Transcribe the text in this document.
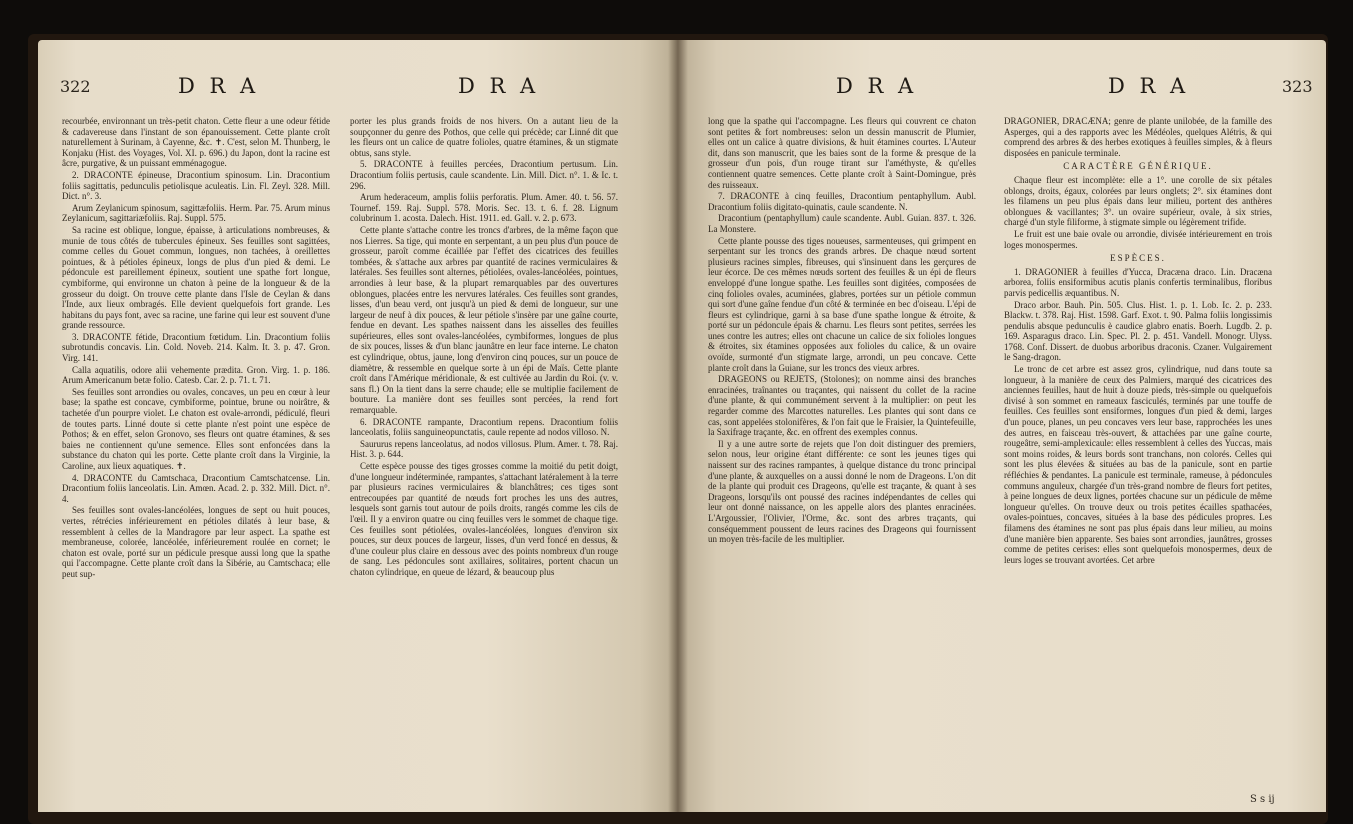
322	D R A	D R A

recourbée, environnant un très-petit chaton. Cette fleur a une odeur fétide & cadavereuse dans l'instant de son épanouissement. Cette plante croît naturellement à Surinam, à Cayenne, &c. ✝. C'est, selon M. Thunberg, le Konjaku (Hist. des Voyages, Vol. XI. p. 696.) du Japon, dont la racine est âcre, purgative, & un puissant emménagogue.

2. DRACONTE épineuse, Dracontium spinosum. Lin. Dracontium foliis sagittatis, pedunculis petiolisque aculeatis. Lin. Fl. Zeyl. 328. Mill. Dict. n°. 3.

Arum Zeylanicum spinosum, sagittæfoliis. Herm. Par. 75. Arum minus Zeylanicum, sagittariæfoliis. Raj. Suppl. 575.

Sa racine est oblique, longue, épaisse, à articulations nombreuses, & munie de tous côtés de tubercules épineux. Ses feuilles sont sagittées, comme celles du Gouet commun, longues, non tachées, à oreillettes pointues, & à pétioles épineux, longs de plus d'un pied & demi. Le pédoncule est pareillement épineux, soutient une spathe fort longue, cymbiforme, qui environne un chaton à peine de la longueur & de la grosseur du doigt. On trouve cette plante dans l'Isle de Ceylan & dans l'Inde, aux lieux ombragés. Elle devient quelquefois fort grande. Les habitans du pays font, avec sa racine, une farine qui leur est souvent d'une grande ressource.

3. DRACONTE fétide, Dracontium fœtidum. Lin. Dracontium foliis subrotundis concavis. Lin. Cold. Noveb. 214. Kalm. It. 3. p. 47. Gron. Virg. 141.

Calla aquatilis, odore alii vehemente prædita. Gron. Virg. 1. p. 186. Arum Americanum betæ folio. Catesb. Car. 2. p. 71. t. 71.

Ses feuilles sont arrondies ou ovales, concaves, un peu en cœur à leur base; la spathe est concave, cymbiforme, pointue, brune ou noirâtre, & tachetée d'un pourpre violet. Le chaton est ovale-arrondi, pédiculé, fleuri de toutes parts. Linné doute si cette plante n'est point une espèce de Pothos; & en effet, selon Gronovo, ses fleurs ont quatre étamines, & ses baies ne contiennent qu'une semence. Elles sont enfoncées dans la substance du chaton qui les porte. Cette plante croît dans la Virginie, la Caroline, aux lieux aquatiques. ✝.

4. DRACONTE du Camtschaca, Dracontium Camtschatcense. Lin. Dracontium foliis lanceolatis. Lin. Amœn. Acad. 2. p. 332. Mill. Dict. n°. 4.

Ses feuilles sont ovales-lancéolées, longues de sept ou huit pouces, vertes, rétrécies inférieurement en pétioles dilatés à leur base, & ressemblent à celles de la Mandragore par leur aspect. La spathe est membraneuse, colorée, lancéolée, inférieurement roulée en cornet; le chaton est ovale, porté sur un pédicule presque aussi long que la spathe qui l'accompagne. Cette plante croît dans la Sibérie, au Camtschaca; elle peut sup-

porter les plus grands froids de nos hivers. On a autant lieu de la soupçonner du genre des Pothos, que celle qui précède; car Linné dit que les fleurs ont un calice de quatre folioles, quatre étamines, & un stigmate obtus, sans style.

5. DRACONTE à feuilles percées, Dracontium pertusum. Lin. Dracontium foliis pertusis, caule scandente. Lin. Mill. Dict. n°. 1. & Ic. t. 296.

Arum hederaceum, amplis foliis perforatis. Plum. Amer. 40. t. 56. 57. Tournef. 159. Raj. Suppl. 578. Moris. Sec. 13. t. 6. f. 28. Lignum colubrinum 1. acosta. Dalech. Hist. 1911. ed. Gall. v. 2. p. 673.

Cette plante s'attache contre les troncs d'arbres, de la même façon que nos Lierres. Sa tige, qui monte en serpentant, a un peu plus d'un pouce de grosseur, paroît comme écaillée par l'effet des cicatrices des feuilles tombées, & s'attache aux arbres par quantité de racines vermiculaires & latérales. Ses feuilles sont alternes, pétiolées, ovales-lancéolées, pointues, arrondies à leur base, & la plupart remarquables par des ouvertures oblongues, placées entre les nervures latérales. Ces feuilles sont grandes, lisses, d'un beau verd, ont jusqu'à un pied & demi de longueur, sur une largeur de neuf à dix pouces, & leur pétiole s'insère par une gaîne courte, fendue en devant. Les spathes naissent dans les aisselles des feuilles supérieures, elles sont ovales-lancéolées, cymbiformes, longues de plus de six pouces, lisses & d'un blanc jaunâtre en leur face interne. Le chaton est cylindrique, obtus, jaune, long d'environ cinq pouces, sur un pouce de diamètre, & ressemble en quelque sorte à un épi de Maïs. Cette plante croît dans l'Amérique méridionale, & est cultivée au Jardin du Roi. (v. v. sans fl.) On la tient dans la serre chaude; elle se multiplie facilement de bouture. La manière dont ses feuilles sont percées, la rend fort remarquable.

6. DRACONTE rampante, Dracontium repens. Dracontium foliis lanceolatis, foliis sanguineopunctatis, caule repente ad nodos villoso. N.

Saururus repens lanceolatus, ad nodos villosus. Plum. Amer. t. 78. Raj. Hist. 3. p. 644.

Cette espèce pousse des tiges grosses comme la moitié du petit doigt, d'une longueur indéterminée, rampantes, s'attachant latéralement à la terre par plusieurs racines vermiculaires & blanchâtres; ces tiges sont entrecoupées par quantité de nœuds fort proches les uns des autres, lesquels sont garnis tout autour de poils droits, rangés comme les cils de l'œil. Il y a environ quatre ou cinq feuilles vers le sommet de chaque tige. Ces feuilles sont pétiolées, ovales-lancéolées, longues d'environ six pouces, sur deux pouces de largeur, lisses, d'un verd foncé en dessus, & d'une couleur plus claire en dessous avec des points nombreux d'un rouge de sang. Les pédoncules sont axillaires, solitaires, portent chacun un chaton cylindrique, en queue de lézard, & beaucoup plus

D R A	D R A	323

long que la spathe qui l'accompagne. Les fleurs qui couvrent ce chaton sont petites & fort nombreuses: selon un dessin manuscrit de Plumier, elles ont un calice à quatre divisions, & huit étamines courtes. L'Auteur dit, dans son manuscrit, que les baies sont de la forme & presque de la grosseur d'un pois, d'un rouge tirant sur l'améthyste, & qu'elles contiennent quatre semences. Cette plante croît à Saint-Domingue, près des ruisseaux.

7. DRACONTE à cinq feuilles, Dracontium pentaphyllum. Aubl. Dracontium foliis digitato-quinatis, caule scandente. N.

Dracontium (pentaphyllum) caule scandente. Aubl. Guian. 837. t. 326. La Monstere.

Cette plante pousse des tiges noueuses, sarmenteuses, qui grimpent en serpentant sur les troncs des grands arbres. De chaque nœud sortent plusieurs racines simples, fibreuses, qui s'insinuent dans les gerçures de leur écorce. De ces mêmes nœuds sortent des feuilles & un épi de fleurs enveloppé d'une longue spathe. Les feuilles sont digitées, composées de cinq folioles ovales, acuminées, glabres, portées sur un pétiole commun qui sort d'une gaîne fendue d'un côté & terminée en bec d'oiseau. L'épi de fleurs est cylindrique, garni à sa base d'une spathe longue & étroite, & porté sur un pédoncule épais & charnu. Les fleurs sont petites, serrées les unes contre les autres; elles ont chacune un calice de six folioles longues & étroites, six étamines opposées aux folioles du calice, & un ovaire ovoïde, surmonté d'un stigmate large, arrondi, un peu concave. Cette plante croît dans la Guiane, sur les troncs des vieux arbres.

DRAGEONS ou REJETS, (Stolones); on nomme ainsi des branches enracinées, traînantes ou traçantes, qui naissent du collet de la racine d'une plante, & qui communément servent à la multiplier: on peut les regarder comme des Marcottes naturelles. Les plantes qui sont dans ce cas, sont appelées stolonifères, & l'on fait que le Fraisier, la Quintefeuille, la Saxifrage traçante, &c. en offrent des exemples connus.

Il y a une autre sorte de rejets que l'on doit distinguer des premiers, selon nous, leur origine étant différente: ce sont les jeunes tiges qui naissent sur des racines rampantes, à quelque distance du tronc principal d'une plante, & auxquelles on a aussi donné le nom de Drageons. L'on dit de la plante qui produit ces Drageons, qu'elle est traçante, & quant à ses Drageons, lorsqu'ils ont poussé des racines indépendantes de celles qui leur ont donné naissance, on les appelle alors des plantes enracinées. L'Argoussier, l'Olivier, l'Orme, &c. sont des arbres traçants, qui conséquemment poussent de leurs racines des Drageons qui fournissent un moyen très-facile de les multiplier.

DRAGONIER, DRACÆNA; genre de plante unilobée, de la famille des Asperges, qui a des rapports avec les Médéoles, quelques Alétris, & qui comprend des arbres & des herbes exotiques à feuilles simples, & à fleurs disposées en panicule terminale.

CARACTÈRE GÉNÉRIQUE.

Chaque fleur est incomplète: elle a 1°. une corolle de six pétales oblongs, droits, égaux, colorées par leurs onglets; 2°. six étamines dont les filamens un peu plus épais dans leur milieu, portent des anthères oblongues & vacillantes; 3°. un ovaire supérieur, ovale, à six stries, chargé d'un style filiforme, à stigmate simple ou légèrement trifide.

Le fruit est une baie ovale ou arrondie, divisée intérieurement en trois loges monospermes.

ESPÈCES.

1. DRAGONIER à feuilles d'Yucca, Dracæna draco. Lin. Dracæna arborea, foliis ensiformibus acutis planis confertis terminalibus, floribus parvis pedicellis æquantibus. N.

Draco arbor. Bauh. Pin. 505. Clus. Hist. 1. p. 1. Lob. Ic. 2. p. 233. Blackw. t. 378. Raj. Hist. 1598. Garf. Exot. t. 90. Palma foliis longissimis pendulis absque pedunculis è caudice glabro enatis. Boerh. Lugdb. 2. p. 169. Asparagus draco. Lin. Spec. Pl. 2. p. 451. Vandell. Monogr. Ulyss. 1768. Conf. Dissert. de duobus arboribus draconis. Czaner. Vulgairement le Sang-dragon.

Le tronc de cet arbre est assez gros, cylindrique, nud dans toute sa longueur, à la manière de ceux des Palmiers, marqué des cicatrices des anciennes feuilles, haut de huit à douze pieds, très-simple ou quelquefois divisé à son sommet en rameaux fasciculés, terminés par une touffe de feuilles. Ces feuilles sont ensiformes, longues d'un pied & demi, larges d'un pouce, planes, un peu concaves vers leur base, rapprochées les unes des autres, en faisceau très-ouvert, & attachées par une gaîne courte, rougeâtre, semi-amplexicaule: elles ressemblent à celles des Yuccas, mais sont moins roides, & leurs bords sont tranchans, non colorés. Celles qui sont les plus élevées & situées au bas de la panicule, sont en partie réfléchies & pendantes. La panicule est terminale, rameuse, à pédoncules communs anguleux, chargée d'un très-grand nombre de fleurs fort petites, à peine longues de deux lignes, portées chacune sur un pédicule de même longueur qu'elles. On trouve deux ou trois petites écailles spathacées, ovales-pointues, concaves, situées à la base des pédicules propres. Les filamens des étamines ne sont pas plus épais dans leur milieu, au moins d'une manière bien apparente. Ses baies sont arrondies, jaunâtres, grosses comme de petites cerises: elles sont quelquefois monospermes, deux de leurs loges se trouvant avortées. Cet arbre

S s ij
